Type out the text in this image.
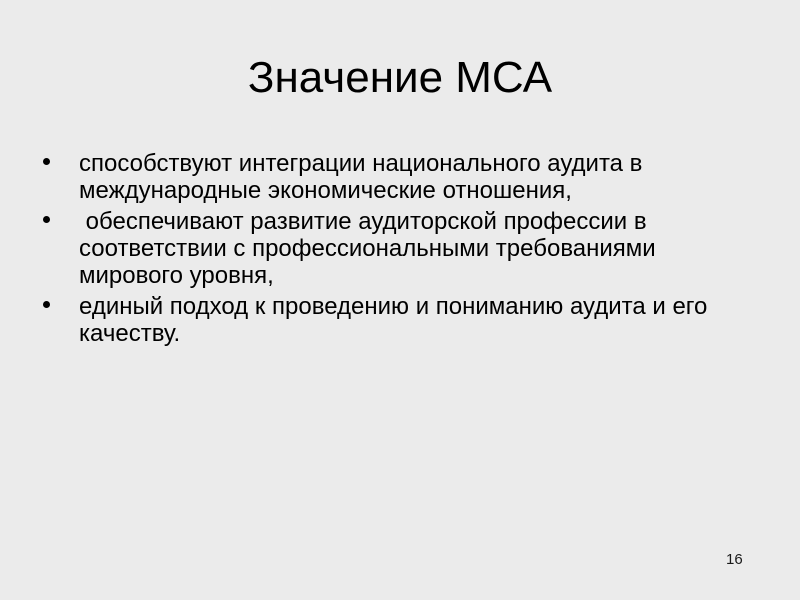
Значение МСА
способствуют интеграции национального аудита в международные экономические отношения,
обеспечивают развитие аудиторской профессии в соответствии с профессиональными требованиями мирового уровня,
единый подход к проведению и пониманию аудита и его качеству.
16
